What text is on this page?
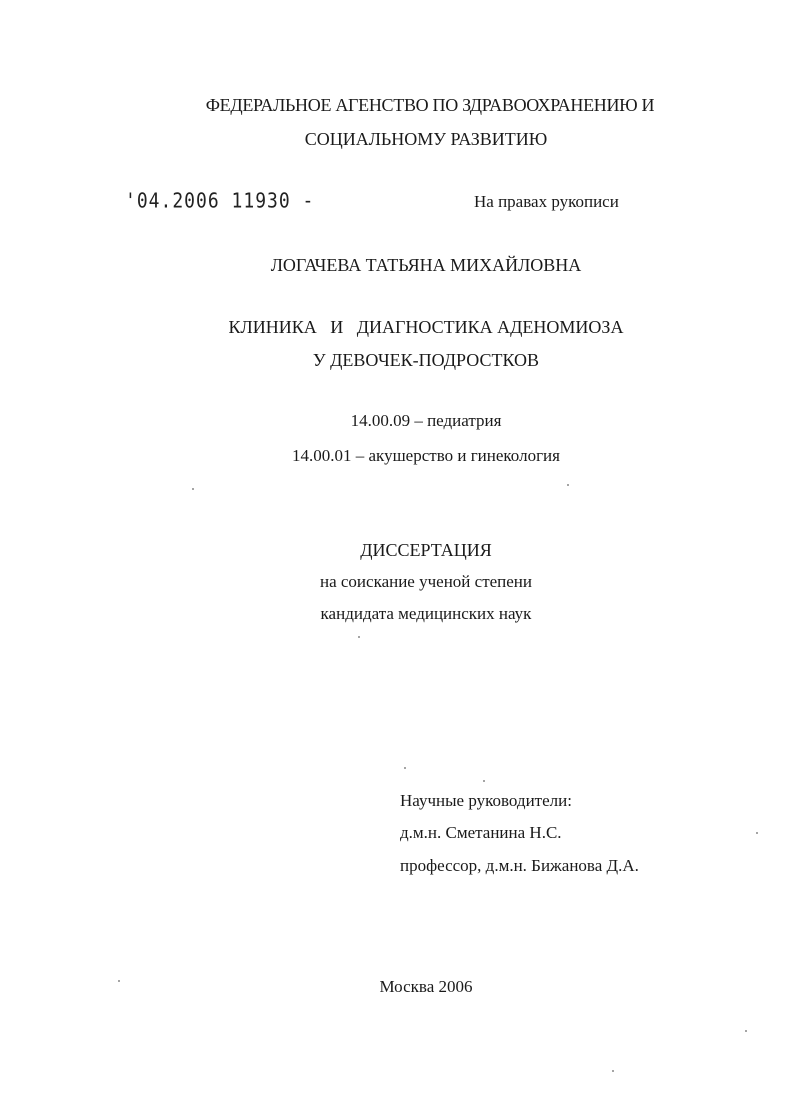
ФЕДЕРАЛЬНОЕ АГЕНСТВО ПО ЗДРАВООХРАНЕНИЮ И
СОЦИАЛЬНОМУ РАЗВИТИЮ
'04.2006 11930 -	На правах рукописи
ЛОГАЧЕВА ТАТЬЯНА МИХАЙЛОВНА
КЛИНИКА   И   ДИАГНОСТИКА АДЕНОМИОЗА
У ДЕВОЧЕК-ПОДРОСТКОВ
14.00.09 – педиатрия
14.00.01 – акушерство и гинекология
ДИССЕРТАЦИЯ
на соискание ученой степени
кандидата медицинских наук
Научные руководители:
д.м.н. Сметанина Н.С.
профессор, д.м.н. Бижанова Д.А.
Москва 2006
